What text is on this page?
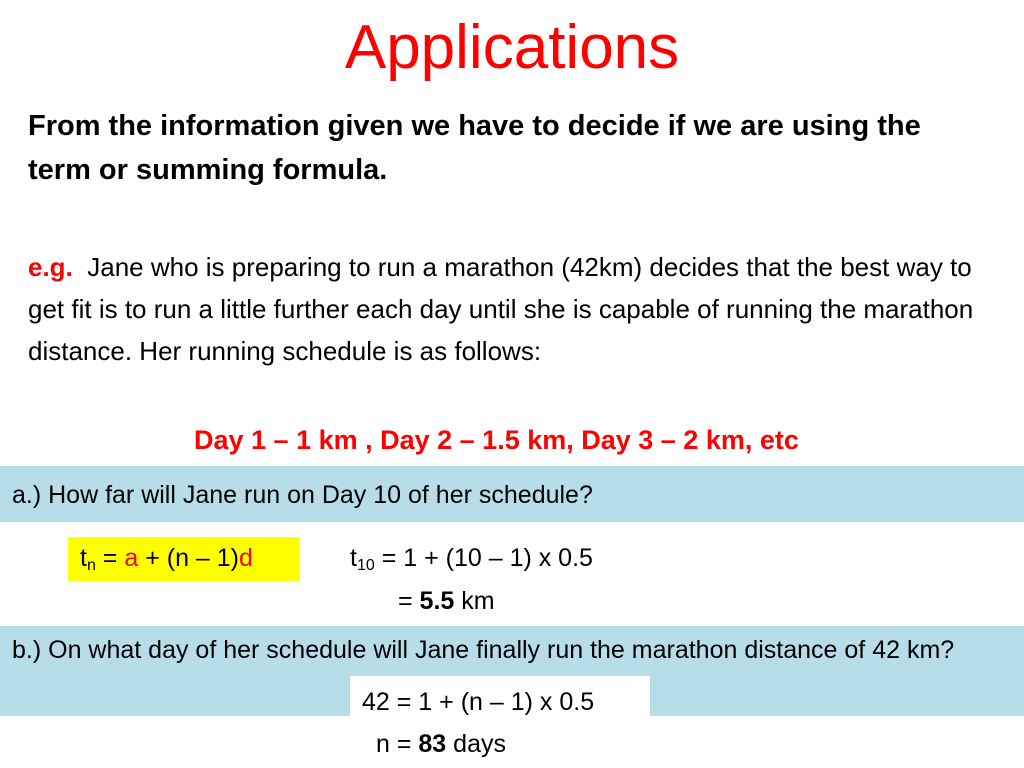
Applications
From the information given we have to decide if we are using the term or summing formula.
e.g. Jane who is preparing to run a marathon (42km) decides that the best way to get fit is to run a little further each day until she is capable of running the marathon distance. Her running schedule is as follows:
Day 1 – 1 km , Day 2 – 1.5 km, Day 3 – 2 km, etc
a.) How far will Jane run on Day 10 of her schedule?
$t_n = a + (n - 1)d$	$t_{10} = 1 + (10 - 1)$ x 0.5
= 5.5 km
b.) On what day of her schedule will Jane finally run the marathon distance of 42 km?
42 = 1 + (n – 1) x 0.5
n = 83 days
